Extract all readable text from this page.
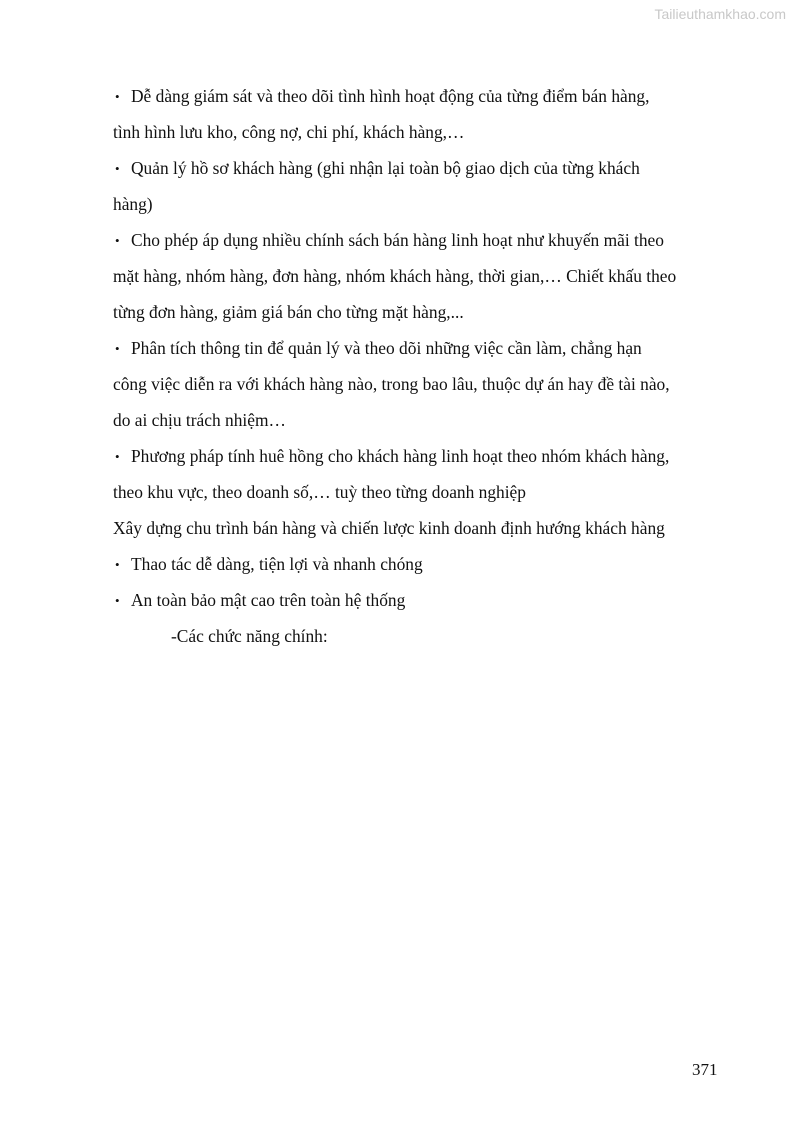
Tailieuthamkhao.com
• Dễ dàng giám sát và theo dõi tình hình hoạt động của từng điểm bán hàng,
tình hình lưu kho, công nợ, chi phí, khách hàng,…
• Quản lý hồ sơ khách hàng (ghi nhận lại toàn bộ giao dịch của từng khách
hàng)
• Cho phép áp dụng nhiều chính sách bán hàng linh hoạt như khuyến mãi theo
mặt hàng, nhóm hàng, đơn hàng, nhóm khách hàng, thời gian,… Chiết khấu theo
từng đơn hàng, giảm giá bán cho từng mặt hàng,...
• Phân tích thông tin để quản lý và theo dõi những việc cần làm, chẳng hạn
công việc diễn ra với khách hàng nào, trong bao lâu, thuộc dự án hay đề tài nào,
do ai chịu trách nhiệm…
• Phương pháp tính huê hồng cho khách hàng linh hoạt theo nhóm khách hàng,
theo khu vực, theo doanh số,… tuỳ theo từng doanh nghiệp
Xây dựng chu trình bán hàng và chiến lược kinh doanh định hướng khách hàng
• Thao tác dễ dàng, tiện lợi và nhanh chóng
• An toàn bảo mật cao trên toàn hệ thống
-Các chức năng chính:
371
